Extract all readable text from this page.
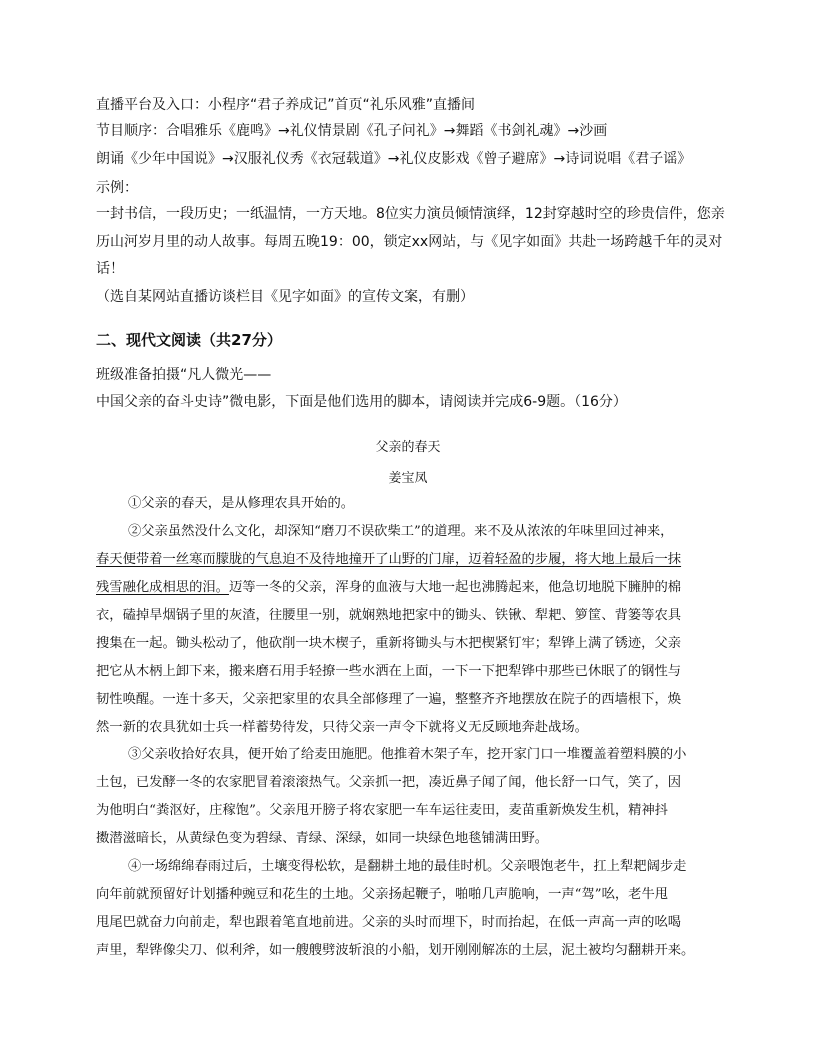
直播平台及入口：小程序“君子养成记”首页“礼乐风雅”直播间
节目顺序：合唱雅乐《鹿鸣》→礼仪情景剧《孔子问礼》→舞蹈《书剑礼魂》→沙画
朗诵《少年中国说》→汉服礼仪秀《衣冠载道》→礼仪皮影戏《曾子避席》→诗词说唱《君子谣》
示例：
一封书信，一段历史；一纸温情，一方天地。8位实力演员倾情演绎，12封穿越时空的珍贵信件，您亲
历山河岁月里的动人故事。每周五晚19：00，锁定xx网站，与《见字如面》共赴一场跨越千年的灵对
话！
（选自某网站直播访谈栏目《见字如面》的宣传文案，有删）
二、现代文阅读（共27分）
班级准备拍摄“凡人微光——
中国父亲的奋斗史诗”微电影，下面是他们选用的脚本，请阅读并完成6-9题。（16分）
父亲的春天
姜宝凤
①父亲的春天，是从修理农具开始的。
②父亲虽然没什么文化，却深知“磨刀不误砍柴工”的道理。来不及从浓浓的年味里回过神来，
春天便带着一丝寒而朦胧的气息迫不及待地撞开了山野的门扉，迈着轻盈的步履，将大地上最后一抹
残雪融化成相思的泪。迈等一冬的父亲，浑身的血液与大地一起也沸腾起来，他急切地脱下臃肿的棉
衣，磕掉旱烟锅子里的灰渣，往腰里一别，就娴熟地把家中的锄头、铁锹、犁耙、箩筐、背篓等农具
搜集在一起。锄头松动了，他砍削一块木楔子，重新将锄头与木把楔紧钉牢；犁铧上满了锈迹，父亲
把它从木柄上卸下来，搬来磨石用手轻撩一些水洒在上面，一下一下把犁铧中那些已休眠了的钢性与
韧性唤醒。一连十多天，父亲把家里的农具全部修理了一遍，整整齐齐地摆放在院子的西墙根下，焕
然一新的农具犹如士兵一样蓄势待发，只待父亲一声令下就将义无反顾地奔赴战场。
③父亲收拾好农具，便开始了给麦田施肥。他推着木架子车，挖开家门口一堆覆盖着塑料膜的小
土包，已发酵一冬的农家肥冒着滚滚热气。父亲抓一把，凑近鼻子闻了闻，他长舒一口气，笑了，因
为他明白“粪沤好，庄稼饱”。父亲甩开膀子将农家肥一车车运往麦田，麦苗重新焕发生机，精神抖
擞潜滋暗长，从黄绿色变为碧绿、青绿、深绿，如同一块绿色地毯铺满田野。
④一场绵绵春雨过后，土壤变得松软，是翻耕土地的最佳时机。父亲喂饱老牛，扛上犁耙阔步走
向年前就预留好计划播种豌豆和花生的土地。父亲扬起鞭子，啪啪几声脆响，一声“驾”吆，老牛甩
甩尾巴就奋力向前走，犁也跟着笔直地前进。父亲的头时而埋下，时而抬起，在低一声高一声的吆喝
声里，犁铧像尖刀、似利斧，如一艘艘劈波斩浪的小船，划开刚刚解冻的土层，泥土被均匀翻耕开来。
